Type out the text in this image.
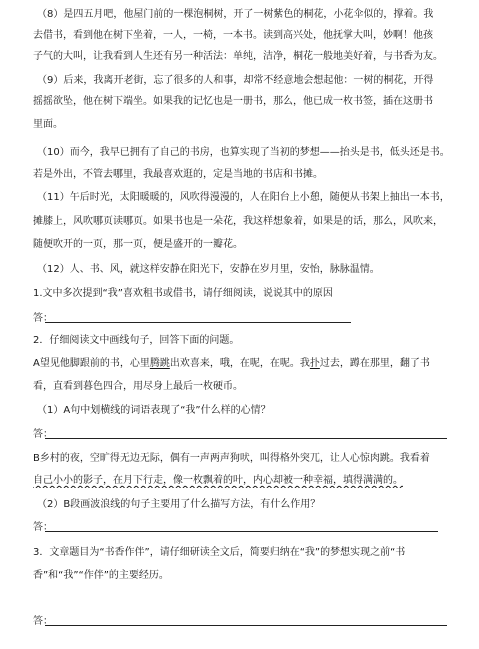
（8）是四五月吧，他屋门前的一棵泡桐树，开了一树紫色的桐花，小花伞似的，撑着。我
去借书，看到他在树下坐着，一人，一椅，一本书。读到高兴处，他抚掌大叫，妙啊！他孩
子气的大叫，让我看到人生还有另一种活法：单纯，洁净，桐花一般地美好着，与书香为友。
（9）后来，我离开老街，忘了很多的人和事，却常不经意地会想起他：一树的桐花，开得
摇摇欲坠，他在树下端坐。如果我的记忆也是一册书，那么，他已成一枚书签，插在这册书
里面。
（10）而今，我早已拥有了自己的书房，也算实现了当初的梦想——抬头是书，低头还是书。
若是外出，不管去哪里，我最喜欢逛的，定是当地的书店和书摊。
（11）午后时光，太阳暖暖的，风吹得漫漫的，人在阳台上小憩，随便从书架上抽出一本书，
摊膝上，风吹哪页读哪页。如果书也是一朵花，我这样想象着，如果是的话，那么，风吹来，
随便吹开的一页，那一页，便是盛开的一瓣花。
（12）人、书、风，就这样安静在阳光下，安静在岁月里，安怡，脉脉温情。
1.文中多次提到“我”喜欢租书或借书，请仔细阅读，说说其中的原因
答：
2．仔细阅读文中画线句子，回答下面的问题。
A望见他脚跟前的书，心里腾跳出欢喜来，哦，在呢，在呢。我扑过去，蹲在那里，翻了书
看，直看到暮色四合，用尽身上最后一枚硬币。
（1）A句中划横线的词语表现了“我”什么样的心情？
答：
B乡村的夜，空旷得无边无际，偶有一声两声狗吠，叫得格外突兀，让人心惊肉跳。我看着
自己小小的影子，在月下行走，像一枚飘着的叶，内心却被一种幸福，填得满满的。
（2）B段画波浪线的句子主要用了什么描写方法，有什么作用？
答：
3．文章题目为“书香作伴”，请仔细研读全文后，简要归纳在“我”的梦想实现之前“书
香”和“我”“作伴”的主要经历。
答：
